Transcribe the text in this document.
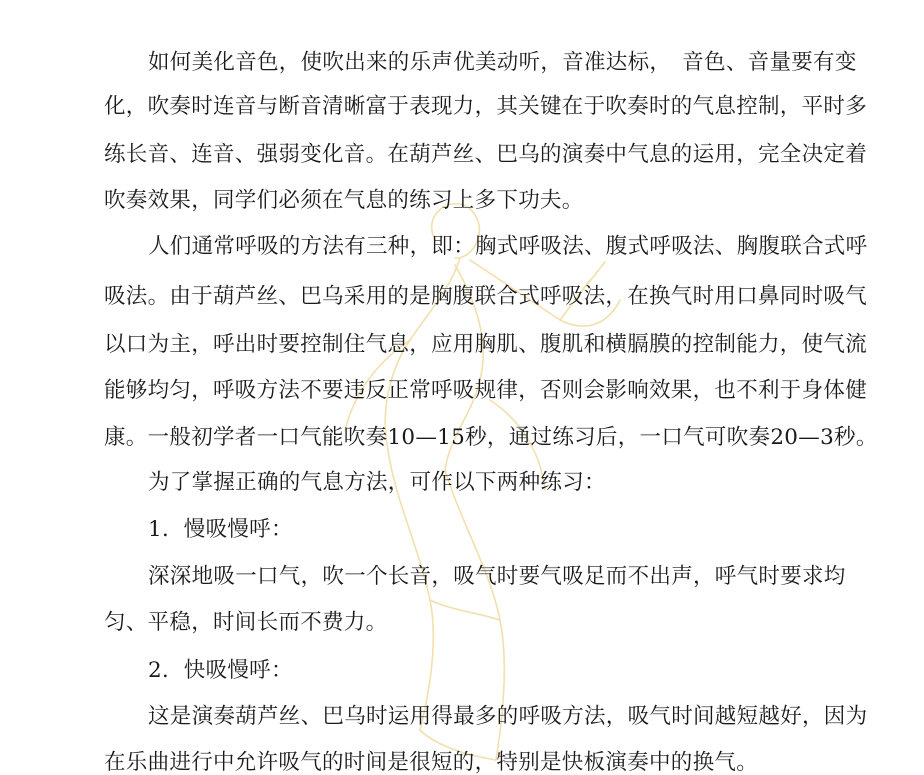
如何美化音色，使吹出来的乐声优美动听，音准达标，　音色、音量要有变
化，吹奏时连音与断音清晰富于表现力，其关键在于吹奏时的气息控制，平时多
练长音、连音、强弱变化音。在葫芦丝、巴乌的演奏中气息的运用，完全决定着
吹奏效果，同学们必须在气息的练习上多下功夫。
人们通常呼吸的方法有三种，即：胸式呼吸法、腹式呼吸法、胸腹联合式呼
吸法。由于葫芦丝、巴乌采用的是胸腹联合式呼吸法，在换气时用口鼻同时吸气
以口为主，呼出时要控制住气息，应用胸肌、腹肌和横膈膜的控制能力，使气流
能够均匀，呼吸方法不要违反正常呼吸规律，否则会影响效果，也不利于身体健
康。一般初学者一口气能吹奏10—15秒，通过练习后，一口气可吹奏20—3秒。
为了掌握正确的气息方法，可作以下两种练习：
1．慢吸慢呼：
深深地吸一口气，吹一个长音，吸气时要气吸足而不出声，呼气时要求均
匀、平稳，时间长而不费力。
2．快吸慢呼：
这是演奏葫芦丝、巴乌时运用得最多的呼吸方法，吸气时间越短越好，因为
在乐曲进行中允许吸气的时间是很短的，特别是快板演奏中的换气。
